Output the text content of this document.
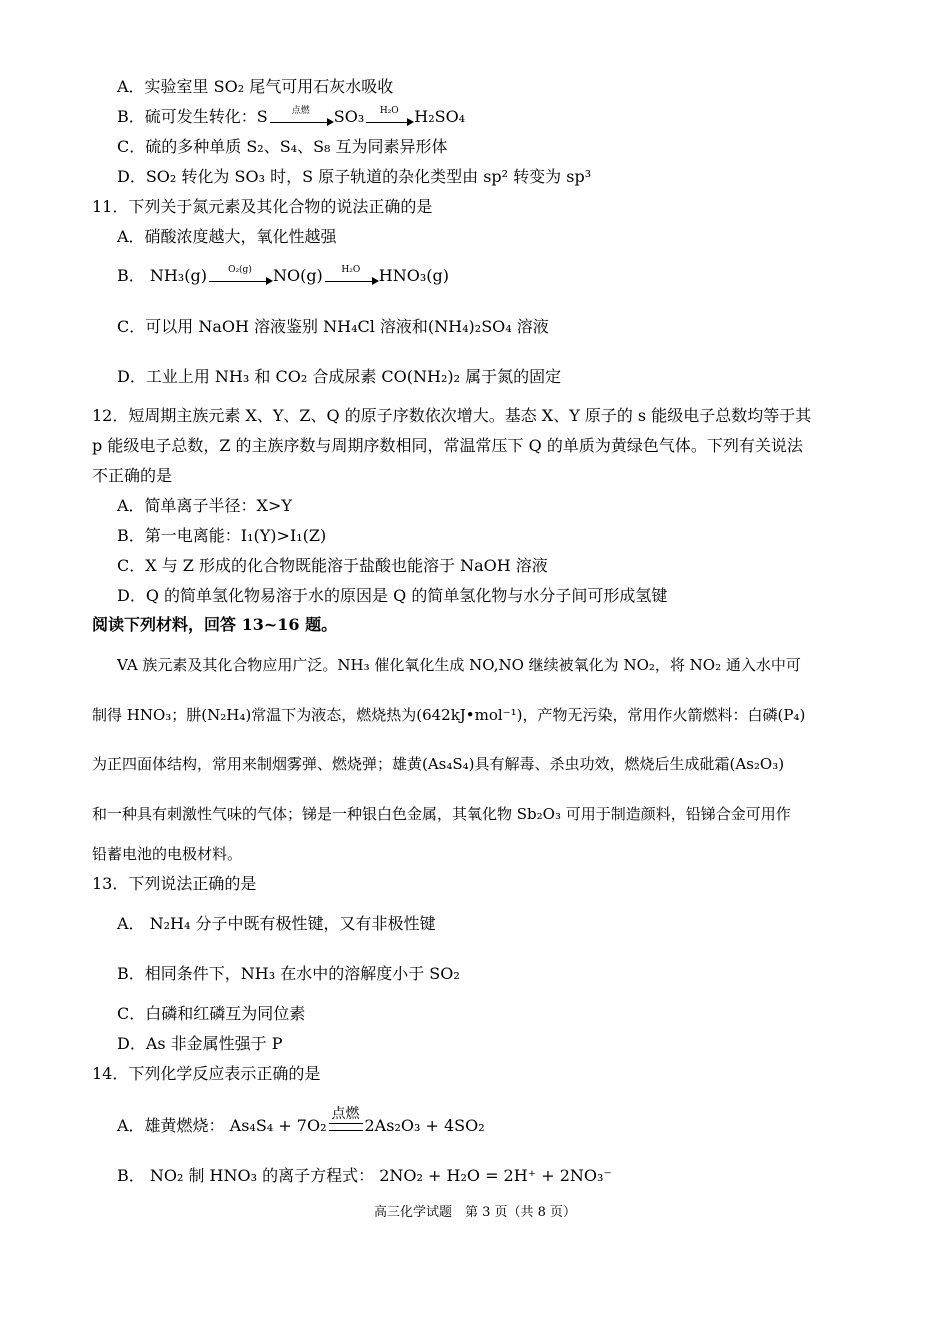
A．实验室里 SO₂ 尾气可用石灰水吸收
B．硫可发生转化：S	点燃	SO₃	H₂O H₂SO₄
C．硫的多种单质 S₂、S₄、S₈ 互为同素异形体
D．SO₂ 转化为 SO₃ 时，S 原子轨道的杂化类型由 sp² 转变为 sp³
11．下列关于氮元素及其化合物的说法正确的是
A．硝酸浓度越大，氧化性越强
B． NH₃(g)	O₂(g)	NO(g)	H₂O	HNO₃(g)
C．可以用 NaOH 溶液鉴别 NH₄Cl 溶液和(NH₄)₂SO₄ 溶液
D．工业上用 NH₃ 和 CO₂ 合成尿素 CO(NH₂)₂ 属于氮的固定
12．短周期主族元素 X、Y、Z、Q 的原子序数依次增大。基态 X、Y 原子的 s 能级电子总数均等于其
p 能级电子总数，Z 的主族序数与周期序数相同，常温常压下 Q 的单质为黄绿色气体。下列有关说法
不正确的是
A．简单离子半径：X>Y
B．第一电离能：I₁(Y)>I₁(Z)
C．X 与 Z 形成的化合物既能溶于盐酸也能溶于 NaOH 溶液
D．Q 的简单氢化物易溶于水的原因是 Q 的简单氢化物与水分子间可形成氢键
阅读下列材料，回答 13~16 题。
VA 族元素及其化合物应用广泛。NH₃ 催化氧化生成 NO,NO 继续被氧化为 NO₂，将 NO₂ 通入水中可
制得 HNO₃；肼(N₂H₄)常温下为液态，燃烧热为(642kJ•mol⁻¹)，产物无污染，常用作火箭燃料：白磷(P₄)
为正四面体结构，常用来制烟雾弹、燃烧弹；雄黄(As₄S₄)具有解毒、杀虫功效，燃烧后生成砒霜(As₂O₃)
和一种具有刺激性气味的气体；锑是一种银白色金属，其氧化物 Sb₂O₃ 可用于制造颜料，铅锑合金可用作
铅蓄电池的电极材料。
13．下列说法正确的是
A． N₂H₄ 分子中既有极性键，又有非极性键
B．相同条件下，NH₃ 在水中的溶解度小于 SO₂
C．白磷和红磷互为同位素
D．As 非金属性强于 P
14．下列化学反应表示正确的是
A．雄黄燃烧： As₄S₄ + 7O₂
点燃
2As₂O₃ + 4SO₂
B． NO₂ 制 HNO₃ 的离子方程式： 2NO₂ + H₂O = 2H⁺ + 2NO₃⁻
高三化学试题　第 3 页（共 8 页）
